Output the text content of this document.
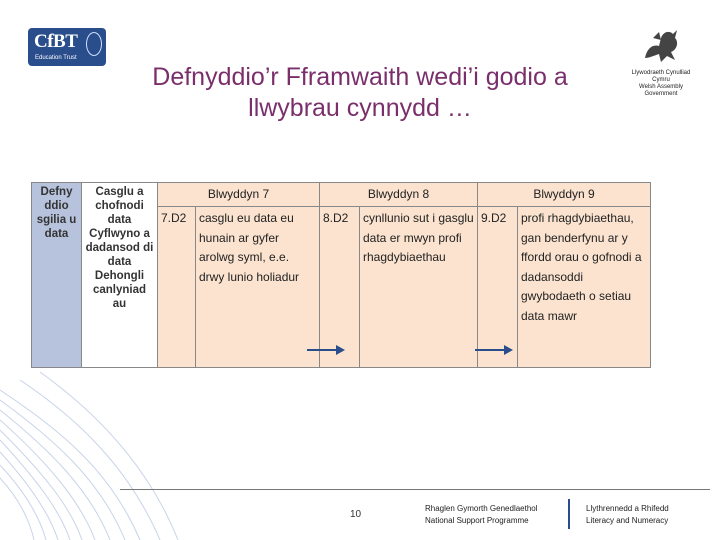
CfBT
Education Trust
Llywodraeth Cynulliad Cymru
Welsh Assembly Government
Defnyddio’r Fframwaith wedi’i godio a
llwybrau cynnydd …
Defny ddio sgilia u data	Casglu a chofnodi data Cyflwyno a dadansod di data Dehongli canlyniad au	Blwyddyn 7		Blwyddyn 8		Blwyddyn 9	
		7.D2	casglu eu data eu hunain ar gyfer arolwg syml, e.e. drwy lunio holiadur	8.D2	cynllunio sut i gasglu data er mwyn profi rhagdybiaethau	9.D2	profi rhagdybiaethau, gan benderfynu ar y ffordd orau o gofnodi a dadansoddi gwybodaeth o setiau data mawr
10
Rhaglen Gymorth Genedlaethol
National Support Programme
Llythrennedd a Rhifedd
Literacy and Numeracy
